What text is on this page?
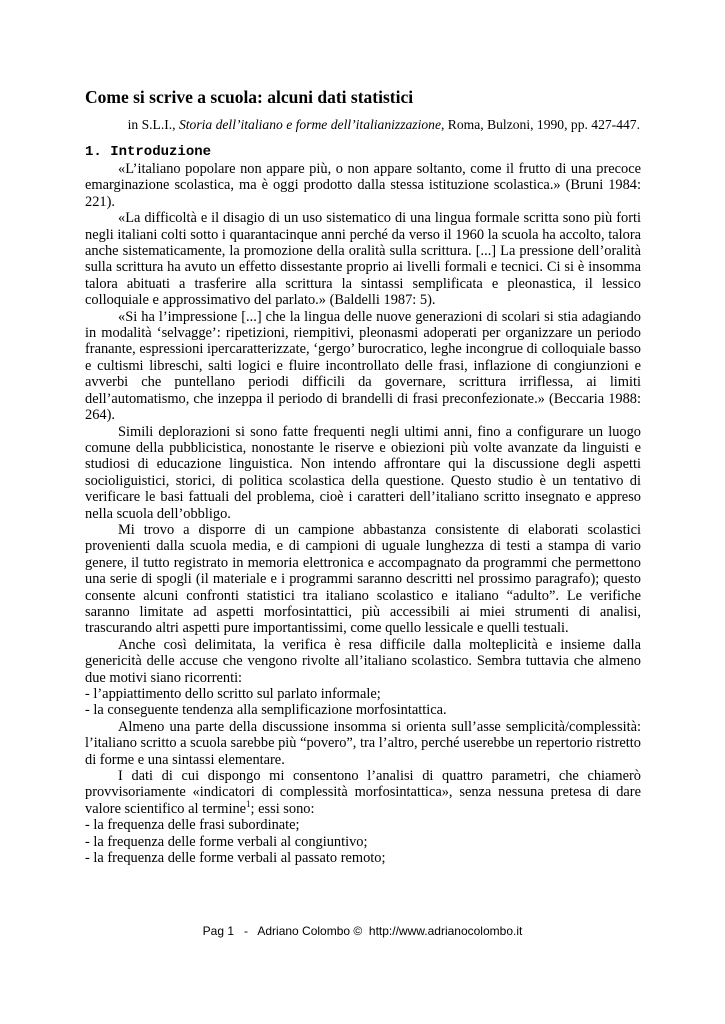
Come si scrive a scuola: alcuni dati statistici
in S.L.I., Storia dell’italiano e forme dell’italianizzazione, Roma, Bulzoni, 1990, pp. 427-447.
1. Introduzione

«L’italiano popolare non appare più, o non appare soltanto, come il frutto di una precoce emarginazione scolastica, ma è oggi prodotto dalla stessa istituzione scolastica.» (Bruni 1984: 221).

«La difficoltà e il disagio di un uso sistematico di una lingua formale scritta sono più forti negli italiani colti sotto i quarantacinque anni perché da verso il 1960 la scuola ha accolto, talora anche sistematicamente, la promozione della oralità sulla scrittura. [...] La pressione dell’oralità sulla scrittura ha avuto un effetto dissestante proprio ai livelli formali e tecnici. Ci si è insomma talora abituati a trasferire alla scrittura la sintassi semplificata e pleonastica, il lessico colloquiale e approssimativo del parlato.» (Baldelli 1987: 5).

«Si ha l’impressione [...] che la lingua delle nuove generazioni di scolari si stia adagiando in modalità ‘selvagge’: ripetizioni, riempitivi, pleonasmi adoperati per organizzare un periodo franante, espressioni ipercaratterizzate, ‘gergo’ burocratico, leghe incongrue di colloquiale basso e cultismi libreschi, salti logici e fluire incontrollato delle frasi, inflazione di congiunzioni e avverbi che puntellano periodi difficili da governare, scrittura irriflessa, ai limiti dell’automatismo, che inzeppa il periodo di brandelli di frasi preconfezionate.» (Beccaria 1988: 264).

Simili deplorazioni si sono fatte frequenti negli ultimi anni, fino a configurare un luogo comune della pubblicistica, nonostante le riserve e obiezioni più volte avanzate da linguisti e studiosi di educazione linguistica. Non intendo affrontare qui la discussione degli aspetti socioliguistici, storici, di politica scolastica della questione. Questo studio è un tentativo di verificare le basi fattuali del problema, cioè i caratteri dell’italiano scritto insegnato e appreso nella scuola dell’obbligo.

Mi trovo a disporre di un campione abbastanza consistente di elaborati scolastici provenienti dalla scuola media, e di campioni di uguale lunghezza di testi a stampa di vario genere, il tutto registrato in memoria elettronica e accompagnato da programmi che permettono una serie di spogli (il materiale e i programmi saranno descritti nel prossimo paragrafo); questo consente alcuni confronti statistici tra italiano scolastico e italiano “adulto”. Le verifiche saranno limitate ad aspetti morfosintattici, più accessibili ai miei strumenti di analisi, trascurando altri aspetti pure importantissimi, come quello lessicale e quelli testuali.

Anche così delimitata, la verifica è resa difficile dalla molteplicità e insieme dalla genericità delle accuse che vengono rivolte all’italiano scolastico. Sembra tuttavia che almeno due motivi siano ricorrenti:

- l’appiattimento dello scritto sul parlato informale;

- la conseguente tendenza alla semplificazione morfosintattica.

Almeno una parte della discussione insomma si orienta sull’asse semplicità/complessità: l’italiano scritto a scuola sarebbe più “povero”, tra l’altro, perché userebbe un repertorio ristretto di forme e una sintassi elementare.

I dati di cui dispongo mi consentono l’analisi di quattro parametri, che chiamerò provvisoriamente «indicatori di complessità morfosintattica», senza nessuna pretesa di dare valore scientifico al termine$^1$; essi sono:

- la frequenza delle frasi subordinate;

- la frequenza delle forme verbali al congiuntivo;

- la frequenza delle forme verbali al passato remoto;

Pag 1   -   Adriano Colombo ©  http://www.adrianocolombo.it
